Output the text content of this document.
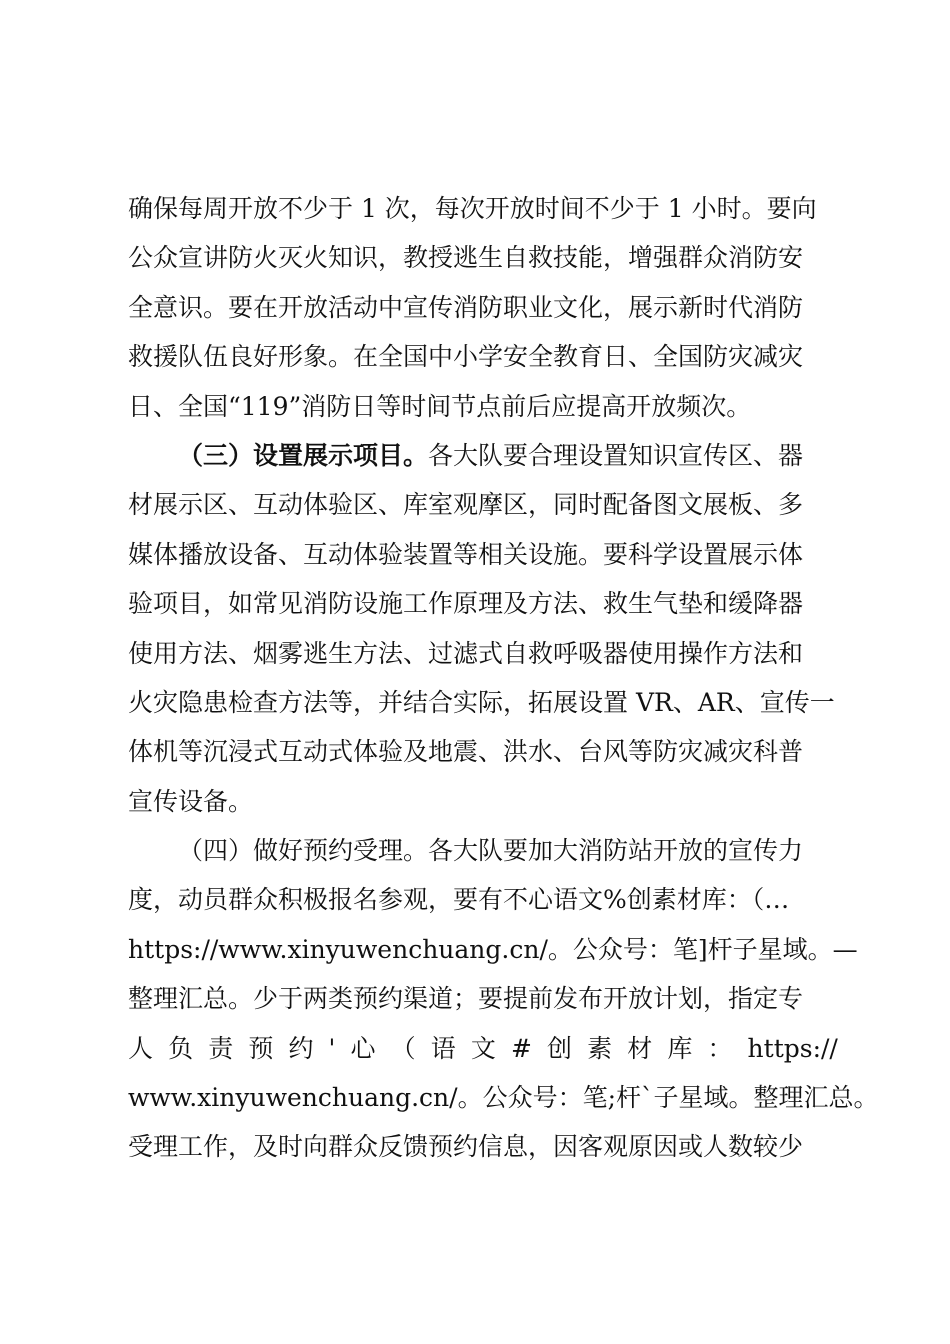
确保每周开放不少于 1 次，每次开放时间不少于 1 小时。要向
公众宣讲防火灭火知识，教授逃生自救技能，增强群众消防安
全意识。要在开放活动中宣传消防职业文化，展示新时代消防
救援队伍良好形象。在全国中小学安全教育日、全国防灾减灾
日、全国“119”消防日等时间节点前后应提高开放频次。
（三）设置展示项目。各大队要合理设置知识宣传区、器
材展示区、互动体验区、库室观摩区，同时配备图文展板、多
媒体播放设备、互动体验装置等相关设施。要科学设置展示体
验项目，如常见消防设施工作原理及方法、救生气垫和缓降器
使用方法、烟雾逃生方法、过滤式自救呼吸器使用操作方法和
火灾隐患检查方法等，并结合实际，拓展设置 VR、AR、宣传一
体机等沉浸式互动式体验及地震、洪水、台风等防灾减灾科普
宣传设备。
（四）做好预约受理。各大队要加大消防站开放的宣传力
度，动员群众积极报名参观，要有不心语文%创素材库：（…
https://www.xinyuwenchuang.cn/。公众号：笔]杆子星域。—
整理汇总。少于两类预约渠道；要提前发布开放计划，指定专
人 负 责 预 约 ' 心 （ 语 文 # 创 素 材 库 ： https://
www.xinyuwenchuang.cn/。公众号：笔;杆`子星域。整理汇总。
受理工作，及时向群众反馈预约信息，因客观原因或人数较少
